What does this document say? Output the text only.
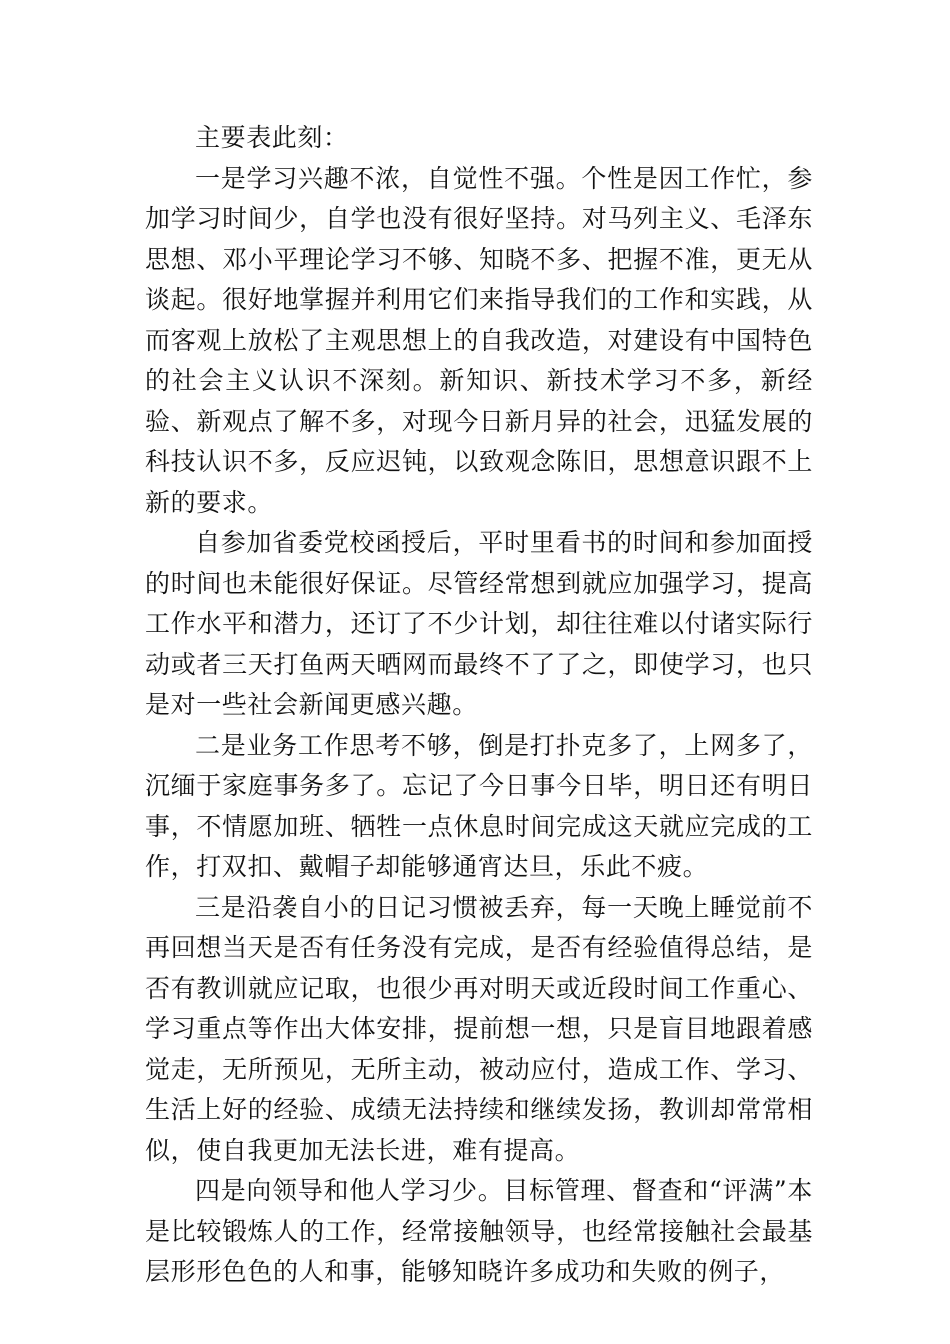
主要表此刻：

一是学习兴趣不浓，自觉性不强。个性是因工作忙，参加学习时间少，自学也没有很好坚持。对马列主义、毛泽东思想、邓小平理论学习不够、知晓不多、把握不准，更无从谈起。很好地掌握并利用它们来指导我们的工作和实践，从而客观上放松了主观思想上的自我改造，对建设有中国特色的社会主义认识不深刻。新知识、新技术学习不多，新经验、新观点了解不多，对现今日新月异的社会，迅猛发展的科技认识不多，反应迟钝，以致观念陈旧，思想意识跟不上新的要求。

自参加省委党校函授后，平时里看书的时间和参加面授的时间也未能很好保证。尽管经常想到就应加强学习，提高工作水平和潜力，还订了不少计划，却往往难以付诸实际行动或者三天打鱼两天晒网而最终不了了之，即使学习，也只是对一些社会新闻更感兴趣。

二是业务工作思考不够，倒是打扑克多了，上网多了，沉缅于家庭事务多了。忘记了今日事今日毕，明日还有明日事，不情愿加班、牺牲一点休息时间完成这天就应完成的工作，打双扣、戴帽子却能够通宵达旦，乐此不疲。

三是沿袭自小的日记习惯被丢弃，每一天晚上睡觉前不再回想当天是否有任务没有完成，是否有经验值得总结，是否有教训就应记取，也很少再对明天或近段时间工作重心、学习重点等作出大体安排，提前想一想，只是盲目地跟着感觉走，无所预见，无所主动，被动应付，造成工作、学习、生活上好的经验、成绩无法持续和继续发扬，教训却常常相似，使自我更加无法长进，难有提高。

四是向领导和他人学习少。目标管理、督查和“评满”本是比较锻炼人的工作，经常接触领导，也经常接触社会最基层形形色色的人和事，能够知晓许多成功和失败的例子，
